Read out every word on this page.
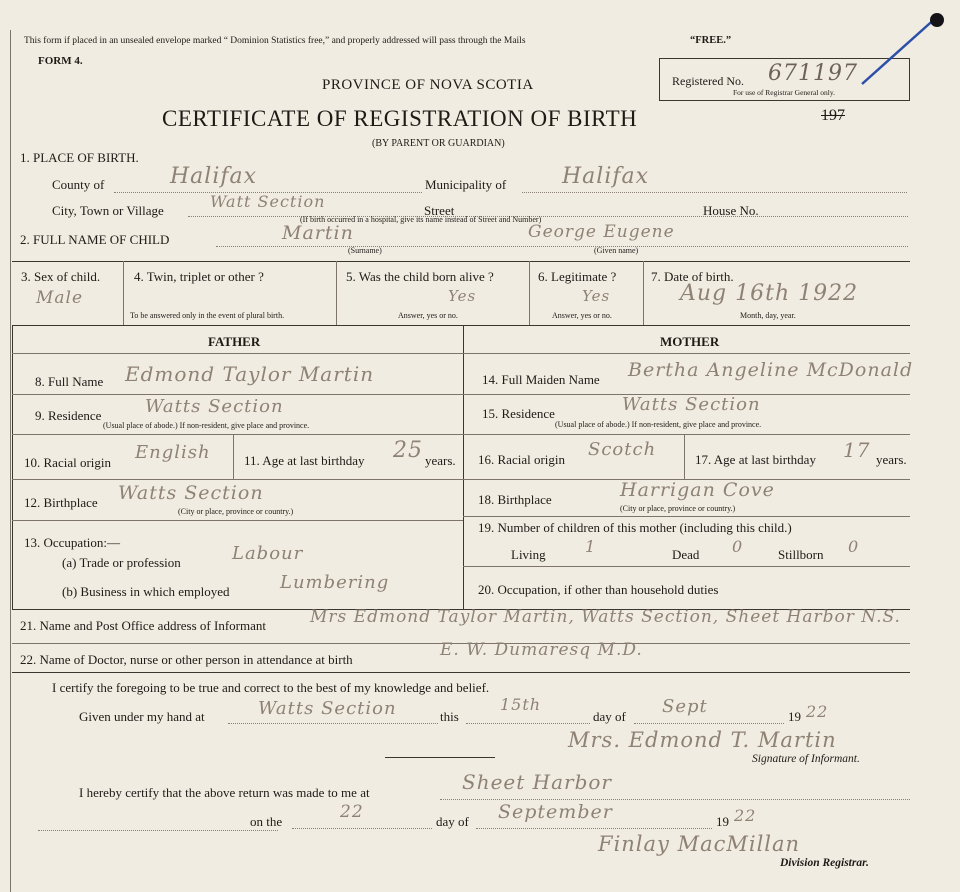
This form if placed in an unsealed envelope marked “ Dominion Statistics free,” and properly addressed will pass through the Mails	“FREE.”
FORM 4.
PROVINCE OF NOVA SCOTIA
CERTIFICATE OF REGISTRATION OF BIRTH
(BY PARENT OR GUARDIAN)
Registered No. 671197
For use of Registrar General only.
197
1. PLACE OF BIRTH.
County of	Halifax	Municipality of	Halifax
City, Town or Village	Watt Section	Street	House No.
(If birth occurred in a hospital, give its name instead of Street and Number)
2. FULL NAME OF CHILD	Martin	George Eugene
(Surname)	(Given name)
3. Sex of child.
Male
4. Twin, triplet or other ?
To be answered only in the event of plural birth.
5. Was the child born alive ?
Yes
Answer, yes or no.
6. Legitimate ?
Yes
Answer, yes or no.
7. Date of birth.
Aug 16th 1922
Month, day, year.
FATHER	MOTHER
8. Full Name Edmond Taylor Martin
9. Residence Watts Section
(Usual place of abode.) If non-resident, give place and province.
10. Racial origin English	11. Age at last birthday 25 years.
12. Birthplace Watts Section
(City or place, province or country.)
13. Occupation:—
(a) Trade or profession	Labour
(b) Business in which employed	Lumbering
14. Full Maiden Name Bertha Angeline McDonald
15. Residence	Watts Section
(Usual place of abode.) If non-resident, give place and province.
16. Racial origin Scotch	17. Age at last birthday 17 years.
18. Birthplace	Harrigan Cove
(City or place, province or country.)
19. Number of children of this mother (including this child.)
Living 1	Dead 0	Stillborn 0
20. Occupation, if other than household duties
21. Name and Post Office address of Informant	Mrs Edmond Taylor Martin, Watts Section, Sheet Harbor N.S.
22. Name of Doctor, nurse or other person in attendance at birth	E. W. Dumaresq M.D.
I certify the foregoing to be true and correct to the best of my knowledge and belief.
Given under my hand at	Watts Section	this
15th
day of Sept	19 22
Mrs. Edmond T. Martin
Signature of Informant.
I hereby certify that the above return was made to me at	Sheet Harbor
on the	22	day of September	19 22
Finlay MacMillan
Division Registrar.
